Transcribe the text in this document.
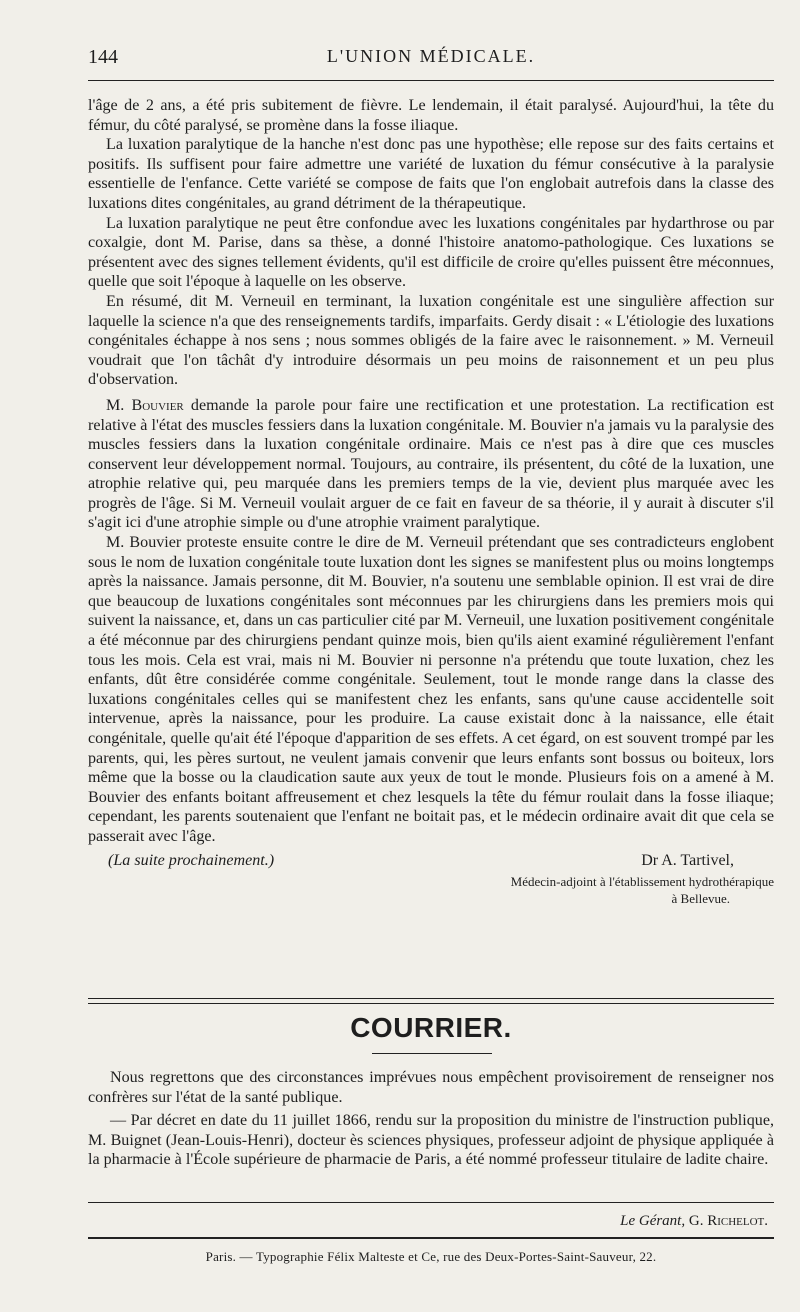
144	L'UNION MÉDICALE.

l'âge de 2 ans, a été pris subitement de fièvre. Le lendemain, il était paralysé. Aujourd'hui, la tête du fémur, du côté paralysé, se promène dans la fosse iliaque.

La luxation paralytique de la hanche n'est donc pas une hypothèse; elle repose sur des faits certains et positifs. Ils suffisent pour faire admettre une variété de luxation du fémur consécutive à la paralysie essentielle de l'enfance. Cette variété se compose de faits que l'on englobait autrefois dans la classe des luxations dites congénitales, au grand détriment de la thérapeutique.

La luxation paralytique ne peut être confondue avec les luxations congénitales par hydarthrose ou par coxalgie, dont M. Parise, dans sa thèse, a donné l'histoire anatomo-pathologique. Ces luxations se présentent avec des signes tellement évidents, qu'il est difficile de croire qu'elles puissent être méconnues, quelle que soit l'époque à laquelle on les observe.

En résumé, dit M. Verneuil en terminant, la luxation congénitale est une singulière affection sur laquelle la science n'a que des renseignements tardifs, imparfaits. Gerdy disait : « L'étiologie des luxations congénitales échappe à nos sens ; nous sommes obligés de la faire avec le raisonnement. » M. Verneuil voudrait que l'on tâchât d'y introduire désormais un peu moins de raisonnement et un peu plus d'observation.

M. Bouvier demande la parole pour faire une rectification et une protestation. La rectification est relative à l'état des muscles fessiers dans la luxation congénitale. M. Bouvier n'a jamais vu la paralysie des muscles fessiers dans la luxation congénitale ordinaire. Mais ce n'est pas à dire que ces muscles conservent leur développement normal. Toujours, au contraire, ils présentent, du côté de la luxation, une atrophie relative qui, peu marquée dans les premiers temps de la vie, devient plus marquée avec les progrès de l'âge. Si M. Verneuil voulait arguer de ce fait en faveur de sa théorie, il y aurait à discuter s'il s'agit ici d'une atrophie simple ou d'une atrophie vraiment paralytique.

M. Bouvier proteste ensuite contre le dire de M. Verneuil prétendant que ses contradicteurs englobent sous le nom de luxation congénitale toute luxation dont les signes se manifestent plus ou moins longtemps après la naissance. Jamais personne, dit M. Bouvier, n'a soutenu une semblable opinion. Il est vrai de dire que beaucoup de luxations congénitales sont méconnues par les chirurgiens dans les premiers mois qui suivent la naissance, et, dans un cas particulier cité par M. Verneuil, une luxation positivement congénitale a été méconnue par des chirurgiens pendant quinze mois, bien qu'ils aient examiné régulièrement l'enfant tous les mois. Cela est vrai, mais ni M. Bouvier ni personne n'a prétendu que toute luxation, chez les enfants, dût être considérée comme congénitale. Seulement, tout le monde range dans la classe des luxations congénitales celles qui se manifestent chez les enfants, sans qu'une cause accidentelle soit intervenue, après la naissance, pour les produire. La cause existait donc à la naissance, elle était congénitale, quelle qu'ait été l'époque d'apparition de ses effets. A cet égard, on est souvent trompé par les parents, qui, les pères surtout, ne veulent jamais convenir que leurs enfants sont bossus ou boiteux, lors même que la bosse ou la claudication saute aux yeux de tout le monde. Plusieurs fois on a amené à M. Bouvier des enfants boitant affreusement et chez lesquels la tête du fémur roulait dans la fosse iliaque; cependant, les parents soutenaient que l'enfant ne boitait pas, et le médecin ordinaire avait dit que cela se passerait avec l'âge.

(La suite prochainement.)	Dr A. Tartivel,
Médecin-adjoint à l'établissement hydrothérapique
à Bellevue.
COURRIER.

Nous regrettons que des circonstances imprévues nous empêchent provisoirement de renseigner nos confrères sur l'état de la santé publique.

— Par décret en date du 11 juillet 1866, rendu sur la proposition du ministre de l'instruction publique, M. Buignet (Jean-Louis-Henri), docteur ès sciences physiques, professeur adjoint de physique appliquée à la pharmacie à l'École supérieure de pharmacie de Paris, a été nommé professeur titulaire de ladite chaire.

Le Gérant, G. Richelot.
Paris. — Typographie Félix Malteste et Ce, rue des Deux-Portes-Saint-Sauveur, 22.
